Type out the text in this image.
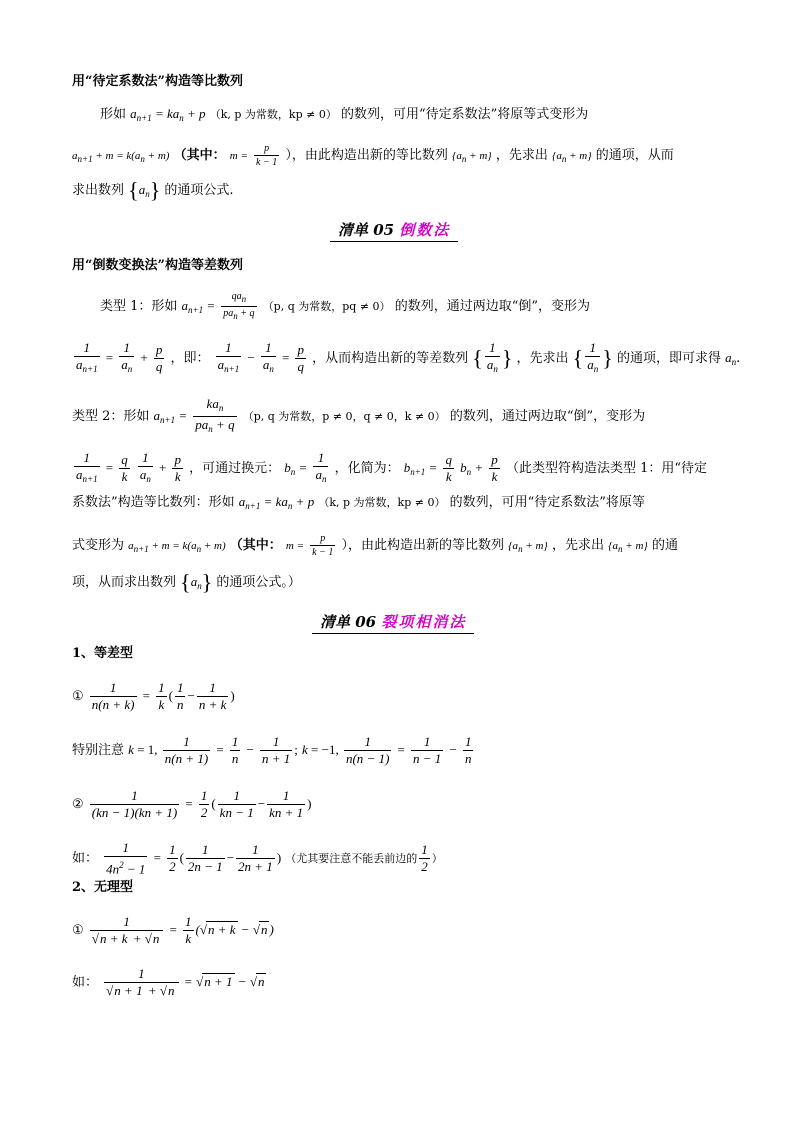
用“待定系数法”构造等比数列
形如 $a_{n+1} = ka_n + p$ （k, p 为常数，kp ≠ 0） 的数列，可用“待定系数法”将原等式变形为
$a_{n+1} + m = k(a_n + m)$ （其中： $m = \frac{p}{k - 1}$ ），由此构造出新的等比数列 $\{a_n + m\}$ ，先求出 $\{a_n + m\}$ 的通项，从而
求出数列 $\{a_n\}$ 的通项公式.
清单 05 倒数法
用“倒数变换法”构造等差数列
类型 1：形如 $a_{n+1} = \frac{qa_n}{pa_n + q} (p$, q 为常数，pq ≠ 0） 的数列，通过两边取“倒”，变形为
$\frac{1}{a_{n+1}} = \frac{1}{a_n} + \frac{p}{q}$ ，即： $\frac{1}{a_{n+1}} - \frac{1}{a_n} = \frac{p}{q}$ ，从而构造出新的等差数列 { $\frac{1}{a_n}$ } ，先求出 { $\frac{1}{a_n}$ } 的通项，即可求得 $a_n$.
类型 2：形如 $a_{n+1} = \frac{ka_n}{pa_n + q} (p$, q 为常数，p ≠ 0，q ≠ 0，k ≠ 0） 的数列，通过两边取“倒”，变形为
$\frac{1}{a_{n+1}} = \frac{q}{k}$
$\frac{1}{a_n} + \frac{p}{k}$ ，可通过换元： $b_n = \frac{1}{a_n}$ ，化简为： $b_{n+1} = \frac{q}{k} b_n + \frac{p}{k}$ （此类型符构造法类型 1：用“待定
系数法”构造等比数列：形如 $a_{n+1} = ka_n + p$ （k, p 为常数，kp ≠ 0） 的数列，可用“待定系数法”将原等
式变形为 $a_{n+1} + m = k(a_n + m)$ （其中： $m = \frac{p}{k - 1}$ ），由此构造出新的等比数列 $\{a_n + m\}$ ，先求出 $\{a_n + m\}$ 的通
项，从而求出数列 $\{a_n\}$ 的通项公式。）
清单 06 裂项相消法
1、等差型
① $\frac{1}{n(n + k)} = \frac{1}{k}$ ( $\frac{1}{n} - \frac{1}{n + k}$ )
特别注意 k = 1, $\frac{1}{n(n + 1)} = \frac{1}{n} - \frac{1}{n + 1}$ ; k = −1, $\frac{1}{n(n - 1)} = \frac{1}{n - 1} - \frac{1}{n}$
② $\frac{1}{(kn - 1)(kn + 1)} = \frac{1}{2}$ ( $\frac{1}{kn - 1} - \frac{1}{kn + 1}$ )
如： $\frac{1}{4n^2 - 1} = \frac{1}{2}$ ( $\frac{1}{2n - 1} - \frac{1}{2n + 1}$ ) （尤其要注意不能丢前边的 $\frac{1}{2}$ ）
2、无理型
① $\frac{1}{√n + k + √n} = \frac{1}{k} (√n + k - √n$ )
如： $\frac{1}{√n + 1 + √n} = √n + 1 - √n$
